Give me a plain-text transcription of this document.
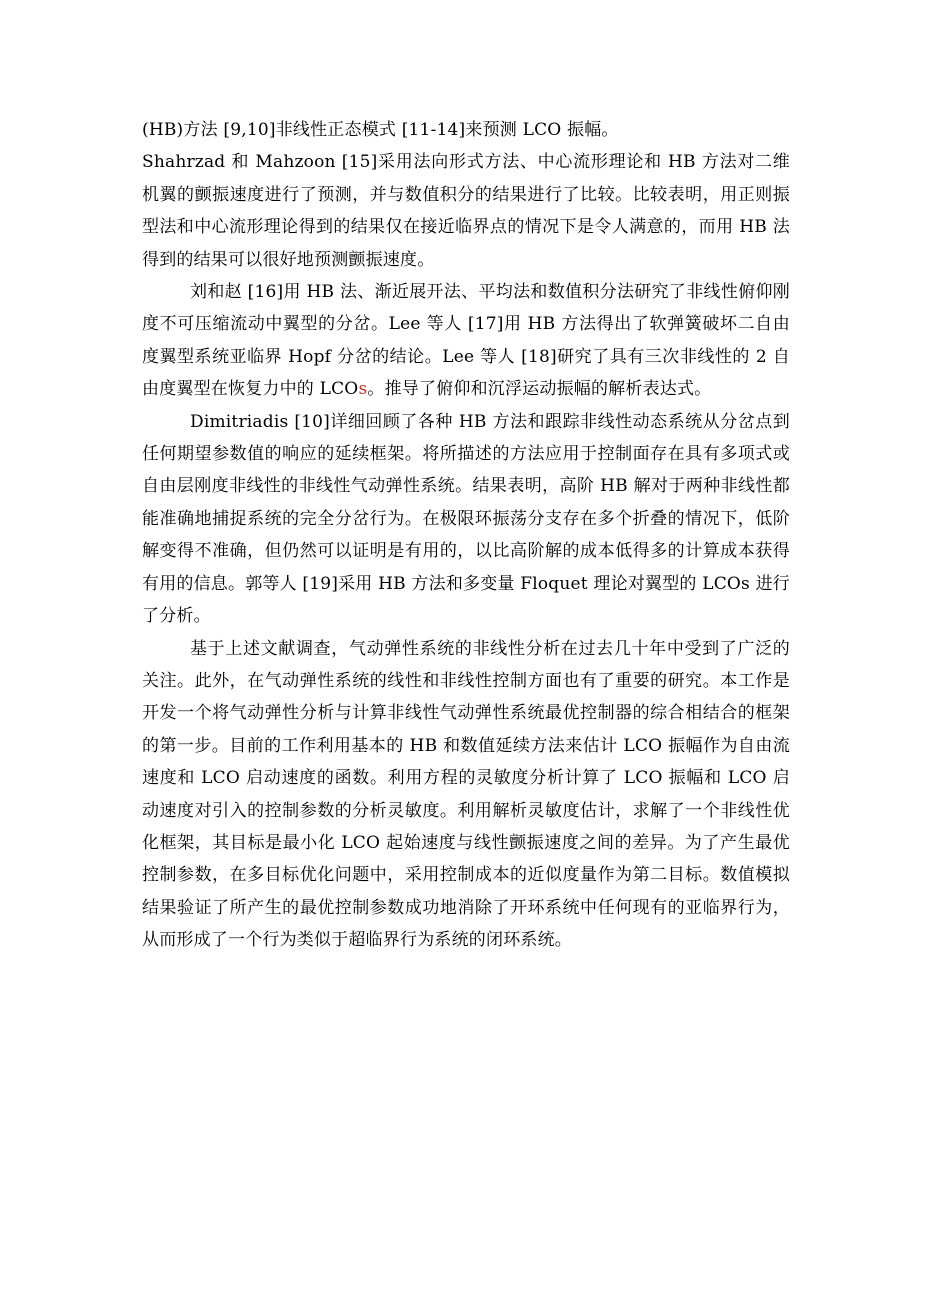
(HB)方法 [9,10]非线性正态模式 [11-14]来预测 LCO 振幅。

Shahrzad 和 Mahzoon [15]采用法向形式方法、中心流形理论和 HB 方法对二维机翼的颤振速度进行了预测，并与数值积分的结果进行了比较。比较表明，用正则振型法和中心流形理论得到的结果仅在接近临界点的情况下是令人满意的，而用 HB 法得到的结果可以很好地预测颤振速度。

刘和赵 [16]用 HB 法、渐近展开法、平均法和数值积分法研究了非线性俯仰刚度不可压缩流动中翼型的分岔。Lee 等人 [17]用 HB 方法得出了软弹簧破坏二自由度翼型系统亚临界 Hopf 分岔的结论。Lee 等人 [18]研究了具有三次非线性的 2 自由度翼型在恢复力中的 LCOs。推导了俯仰和沉浮运动振幅的解析表达式。

Dimitriadis [10]详细回顾了各种 HB 方法和跟踪非线性动态系统从分岔点到任何期望参数值的响应的延续框架。将所描述的方法应用于控制面存在具有多项式或自由层刚度非线性的非线性气动弹性系统。结果表明，高阶 HB 解对于两种非线性都能准确地捕捉系统的完全分岔行为。在极限环振荡分支存在多个折叠的情况下，低阶解变得不准确，但仍然可以证明是有用的，以比高阶解的成本低得多的计算成本获得有用的信息。郭等人 [19]采用 HB 方法和多变量 Floquet 理论对翼型的 LCOs 进行了分析。

基于上述文献调查，气动弹性系统的非线性分析在过去几十年中受到了广泛的关注。此外，在气动弹性系统的线性和非线性控制方面也有了重要的研究。本工作是开发一个将气动弹性分析与计算非线性气动弹性系统最优控制器的综合相结合的框架的第一步。目前的工作利用基本的 HB 和数值延续方法来估计 LCO 振幅作为自由流速度和 LCO 启动速度的函数。利用方程的灵敏度分析计算了 LCO 振幅和 LCO 启动速度对引入的控制参数的分析灵敏度。利用解析灵敏度估计，求解了一个非线性优化框架，其目标是最小化 LCO 起始速度与线性颤振速度之间的差异。为了产生最优控制参数，在多目标优化问题中，采用控制成本的近似度量作为第二目标。数值模拟结果验证了所产生的最优控制参数成功地消除了开环系统中任何现有的亚临界行为，从而形成了一个行为类似于超临界行为系统的闭环系统。
